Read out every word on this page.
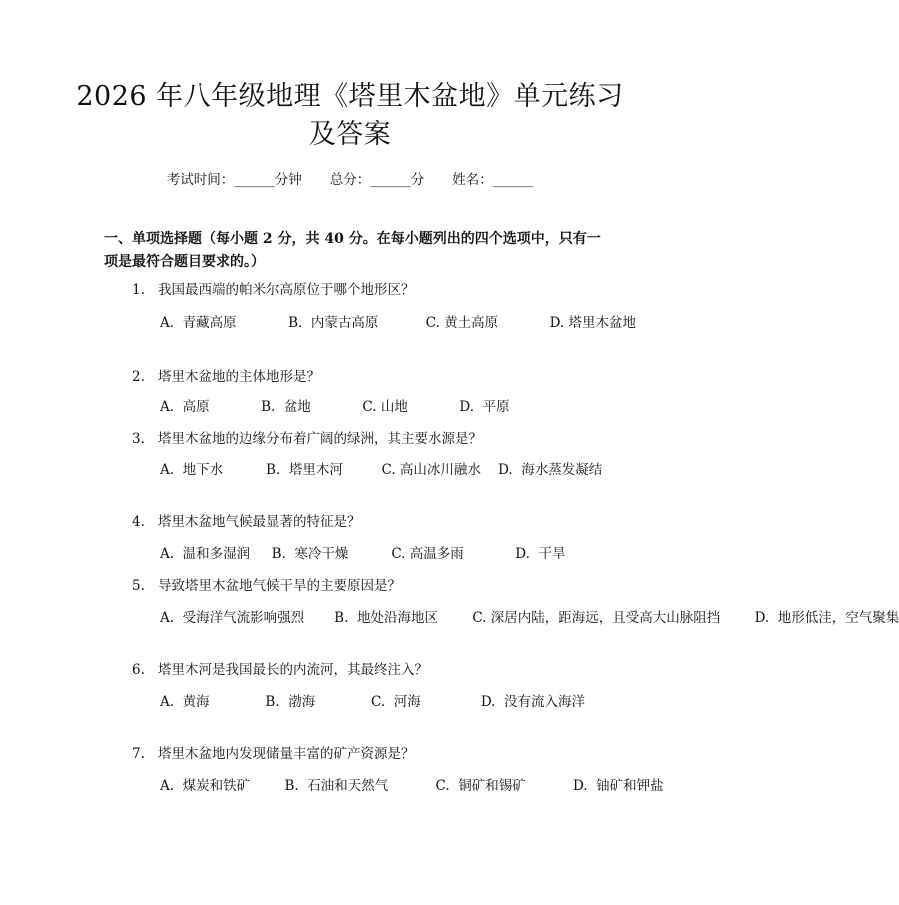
2026 年八年级地理《塔里木盆地》单元练习
及答案
考试时间：______分钟 总分：______分 姓名：______
一、单项选择题（每小题 2 分，共 40 分。在每小题列出的四个选项中，只有一项是最符合题目要求的。）
1. 我国最西端的帕米尔高原位于哪个地形区？
A.  青藏高原	B.  内蒙古高原	C. 黄土高原	D. 塔里木盆地
2. 塔里木盆地的主体地形是？
A.  高原	B.  盆地	C. 山地	D.  平原
3. 塔里木盆地的边缘分布着广阔的绿洲，其主要水源是？
A.  地下水	B.  塔里木河	C. 高山冰川融水 D.  海水蒸发凝结
4. 塔里木盆地气候最显著的特征是？
A.  温和多湿润 B.  寒冷干燥	C. 高温多雨	D.  干旱
5. 导致塔里木盆地气候干旱的主要原因是？
A.  受海洋气流影响强烈 B.  地处沿海地区	C. 深居内陆，距海远，且受高大山脉阻挡	D.  地形低洼，空气聚集
6. 塔里木河是我国最长的内流河，其最终注入？
A.  黄海	B.  渤海	C.  河海	D.  没有流入海洋
7. 塔里木盆地内发现储量丰富的矿产资源是？
A.  煤炭和铁矿	B.  石油和天然气	C.  铜矿和锡矿	D.  铀矿和钾盐
